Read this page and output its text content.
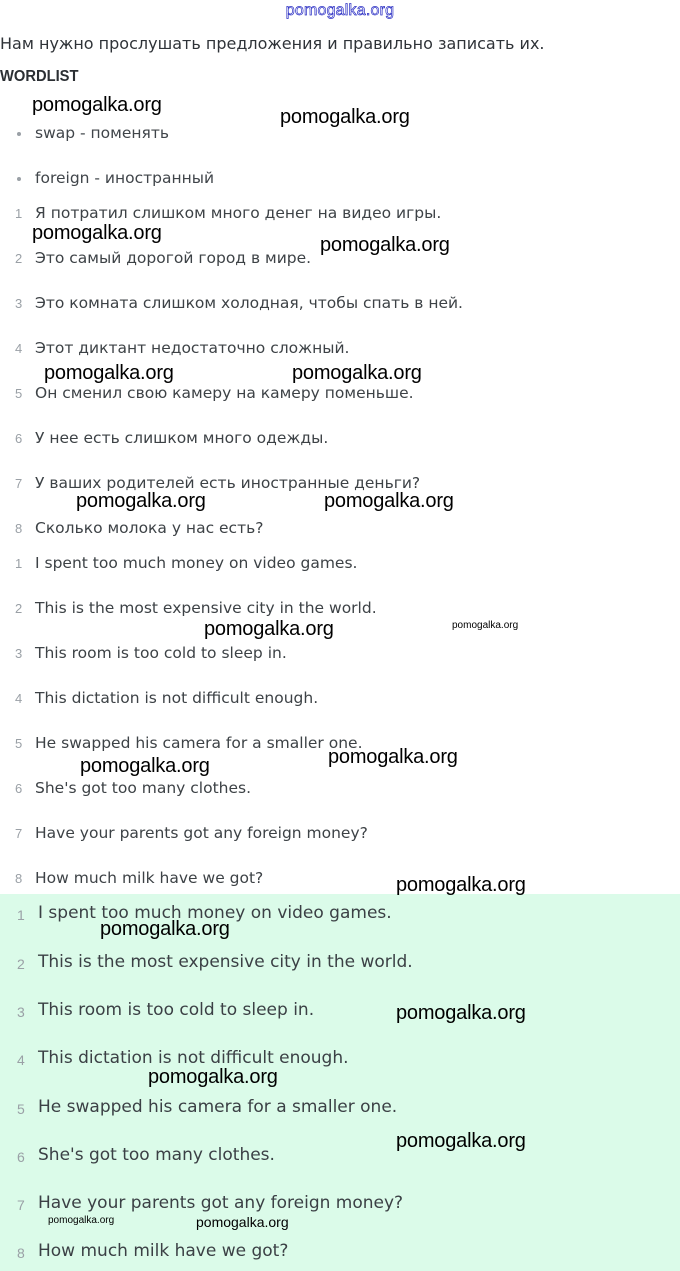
pomogalka.org
Нам нужно прослушать предложения и правильно записать их.
WORDLIST
swap - поменять
foreign - иностранный
1 Я потратил слишком много денег на видео игры.
2 Это самый дорогой город в мире.
3 Это комната слишком холодная, чтобы спать в ней.
4 Этот диктант недостаточно сложный.
5 Он сменил свою камеру на камеру поменьше.
6 У нее есть слишком много одежды.
7 У ваших родителей есть иностранные деньги?
8 Сколько молока у нас есть?
1 I spent too much money on video games.
2 This is the most expensive city in the world.
3 This room is too cold to sleep in.
4 This dictation is not difficult enough.
5 He swapped his camera for a smaller one.
6 She's got too many clothes.
7 Have your parents got any foreign money?
8 How much milk have we got?
1 I spent too much money on video games.
2 This is the most expensive city in the world.
3 This room is too cold to sleep in.
4 This dictation is not difficult enough.
5 He swapped his camera for a smaller one.
6 She's got too many clothes.
7 Have your parents got any foreign money?
8 How much milk have we got?
pomogalka.org
pomogalka.org
pomogalka.org
pomogalka.org
pomogalka.org	pomogalka.org
pomogalka.org	pomogalka.org
pomogalka.org	pomogalka.org
pomogalka.org	pomogalka.org
pomogalka.org
pomogalka.org
pomogalka.org
pomogalka.org
pomogalka.org
pomogalka.org	pomogalka.org
